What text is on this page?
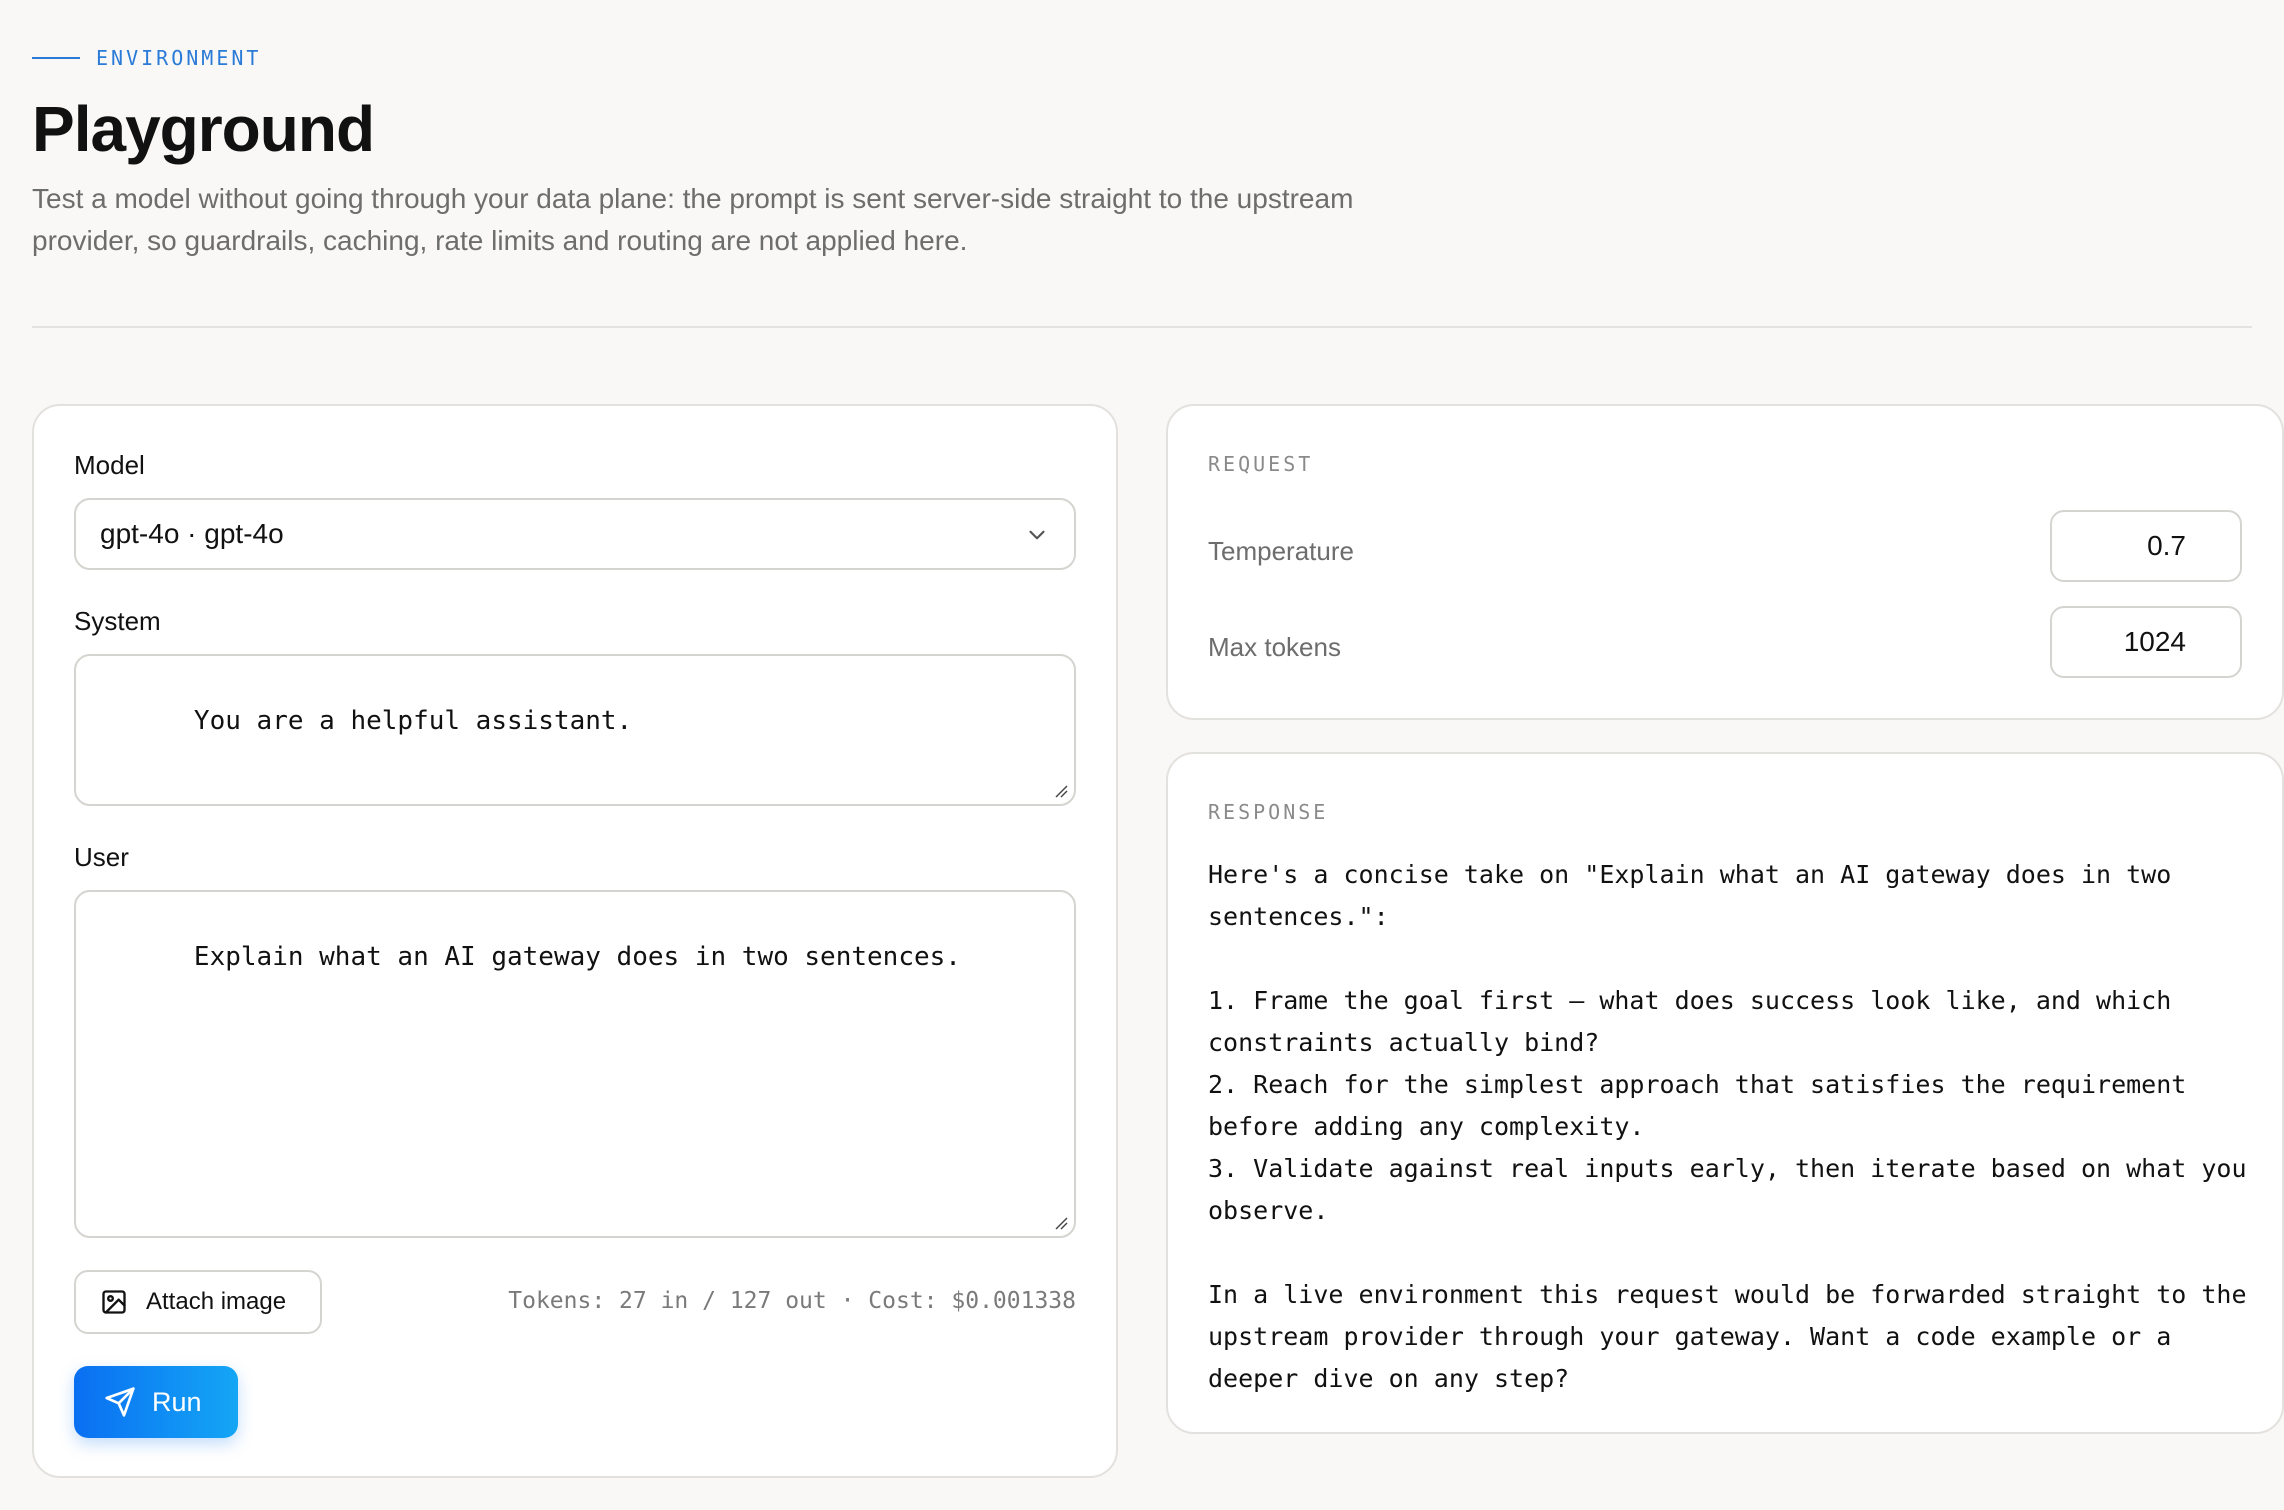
ENVIRONMENT
Playground

Test a model without going through your data plane: the prompt is sent server-side straight to the upstream provider, so guardrails, caching, rate limits and routing are not applied here.

Model
gpt-4o · gpt-4o
System

You are a helpful assistant.

User

Explain what an AI gateway does in two sentences.

Attach image	Tokens: 27 in / 127 out · Cost: $0.001338
Run
REQUEST
Temperature	0.7
Max tokens	1024
RESPONSE
Here's a concise take on "Explain what an AI gateway does in two sentences.":

1. Frame the goal first — what does success look like, and which constraints actually bind?
2. Reach for the simplest approach that satisfies the requirement before adding any complexity.
3. Validate against real inputs early, then iterate based on what you observe.

In a live environment this request would be forwarded straight to the upstream provider through your gateway. Want a code example or a deeper dive on any step?
